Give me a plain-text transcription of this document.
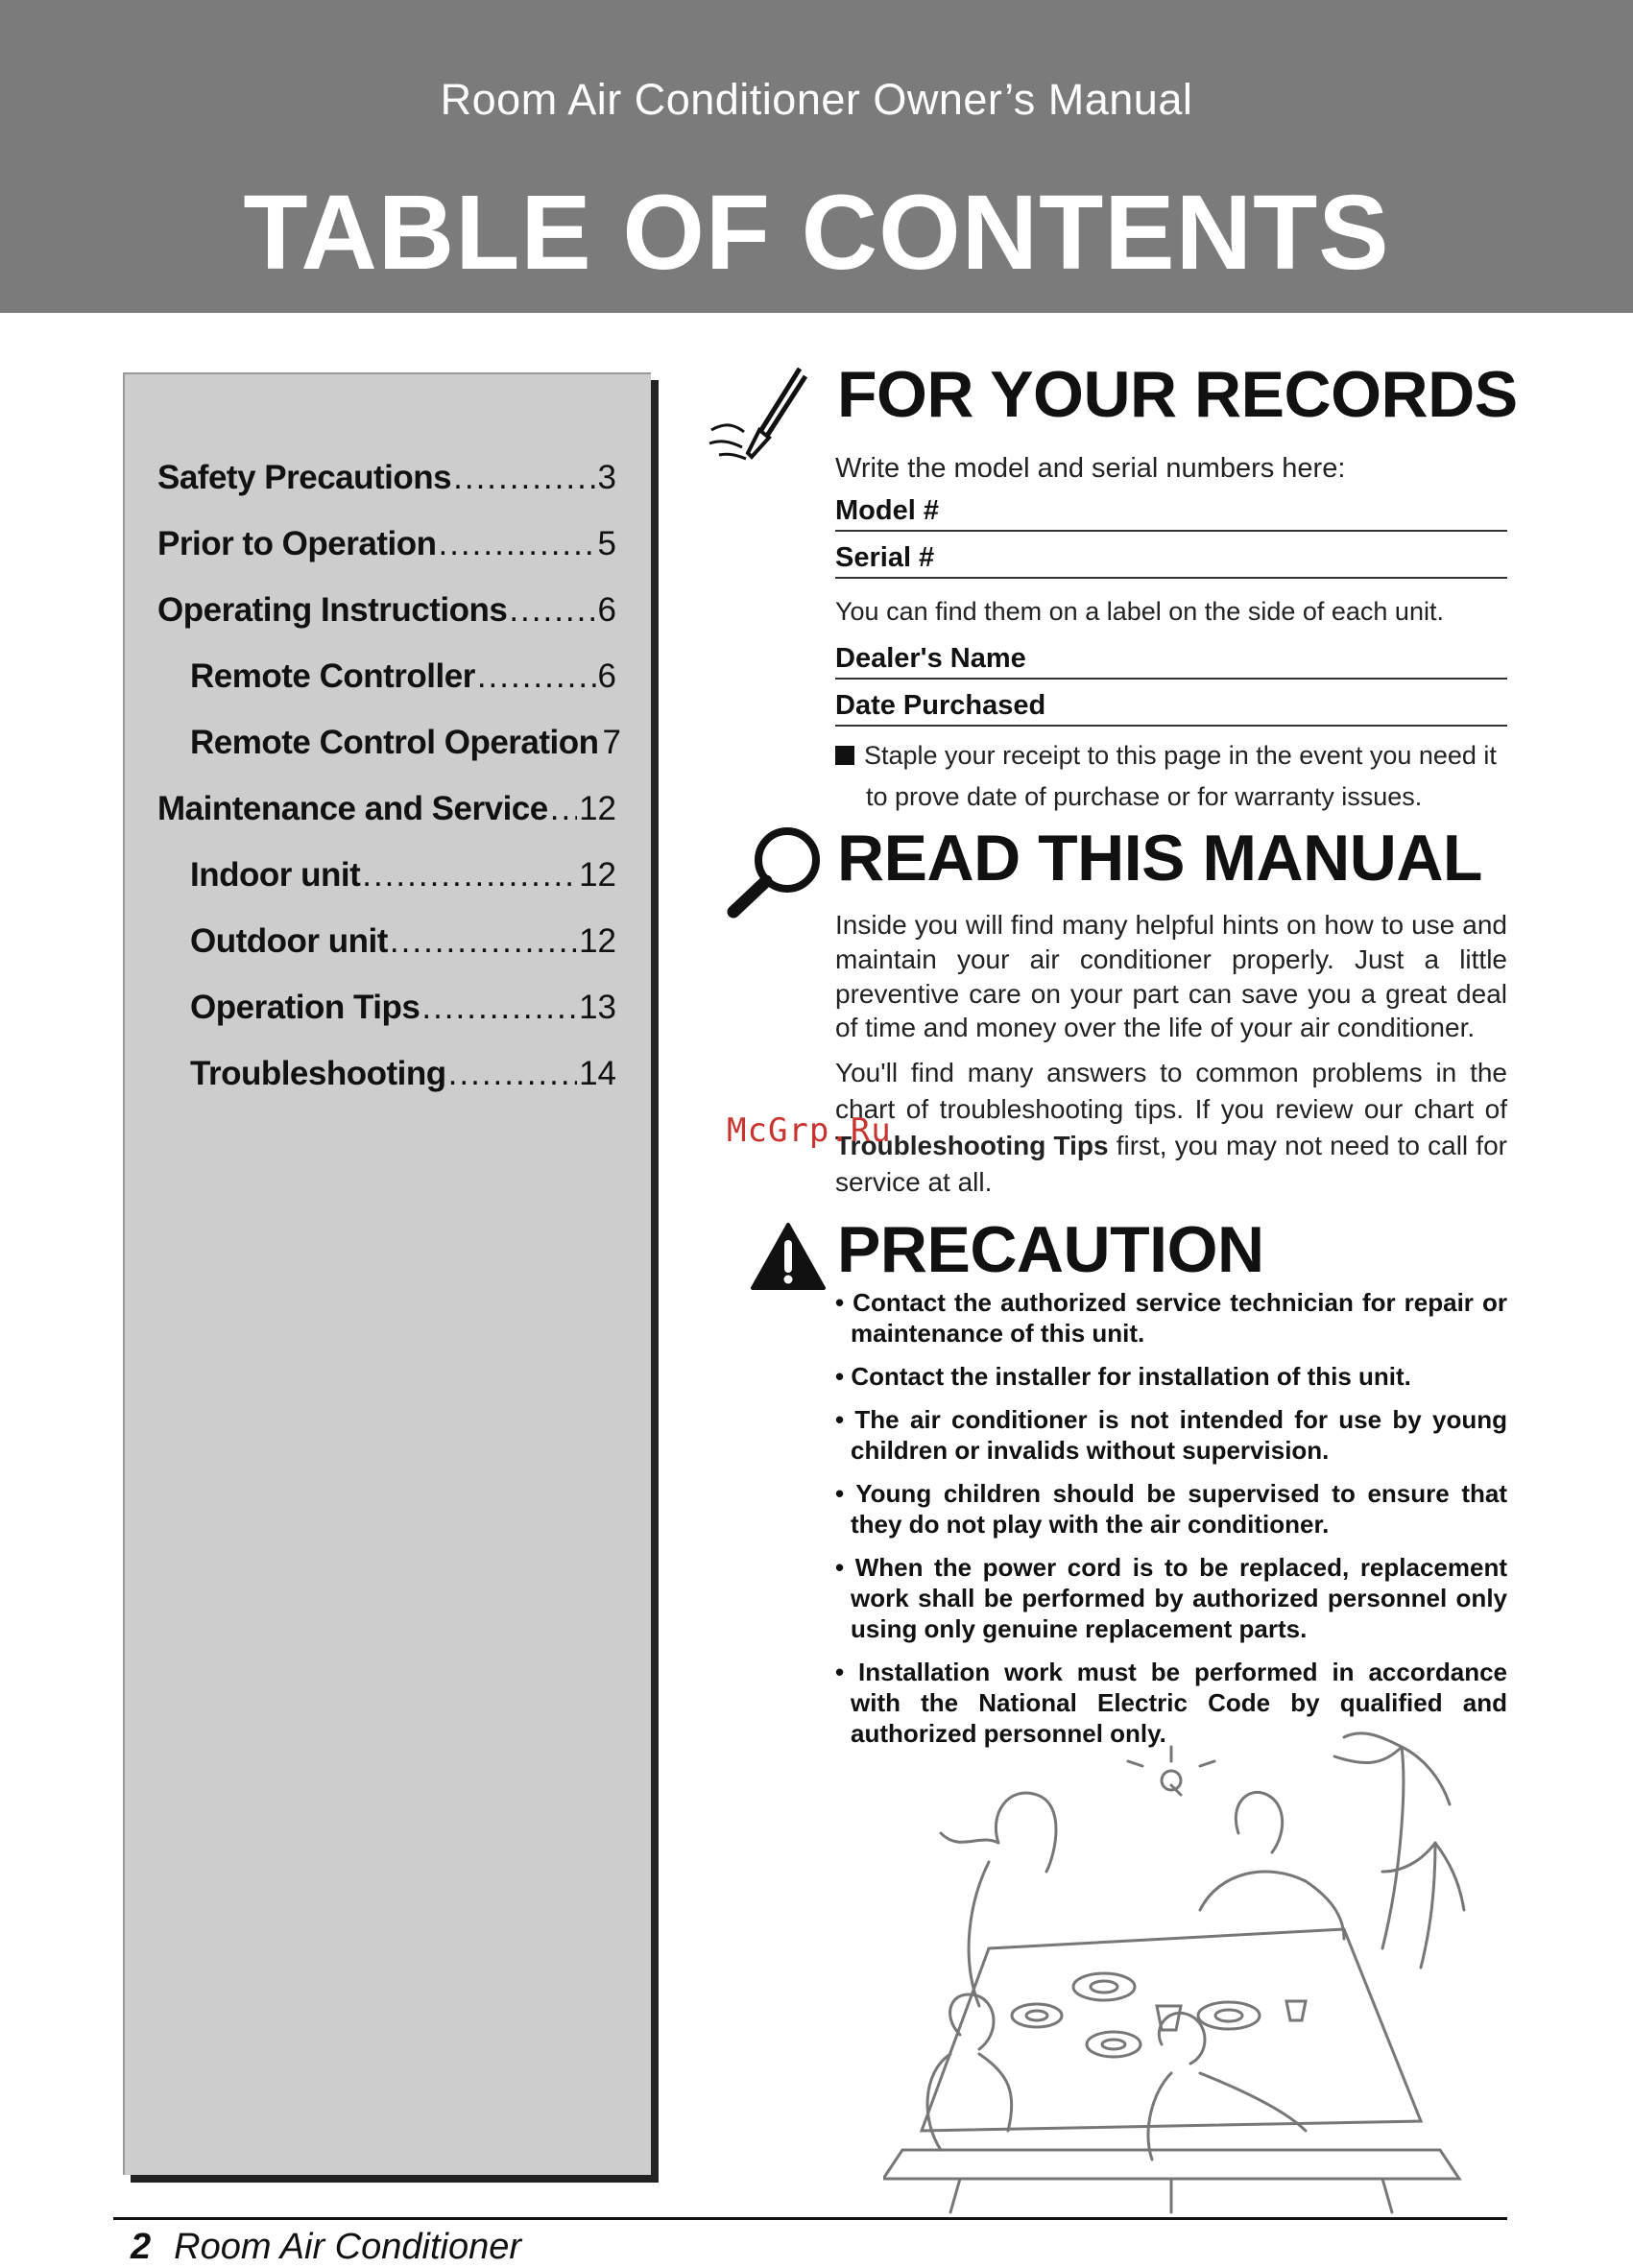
Room Air Conditioner Owner’s Manual
TABLE OF CONTENTS
Safety Precautions .....	3
Prior to Operation .....	5
Operating Instructions .....	6
Remote Controller .....	6
Remote Control Operation 7
Maintenance and Service ..... 12
Indoor unit .....	12
Outdoor unit .....	12
Operation Tips .....	13
Troubleshooting .....	14
FOR YOUR RECORDS
Write the model and serial numbers here:
Model #
Serial #
You can find them on a label on the side of each unit.
Dealer's Name
Date Purchased
Staple your receipt to this page in the event you need it
to prove date of purchase or for warranty issues.
READ THIS MANUAL
Inside you will find many helpful hints on how to use and maintain your air conditioner properly. Just a little preventive care on your part can save you a great deal of time and money over the life of your air conditioner.
You'll find many answers to common problems in the chart of troubleshooting tips. If you review our chart of Troubleshooting Tips first, you may not need to call for service at all.
McGrp.Ru
PRECAUTION
• Contact the authorized service technician for repair or maintenance of this unit.
• Contact the installer for installation of this unit.
• The air conditioner is not intended for use by young children or invalids without supervision.
• Young children should be supervised to ensure that they do not play with the air conditioner.
• When the power cord is to be replaced, replacement work shall be performed by authorized personnel only using only genuine replacement parts.
• Installation work must be performed in accordance with the National Electric Code by qualified and authorized personnel only.
2 Room Air Conditioner
